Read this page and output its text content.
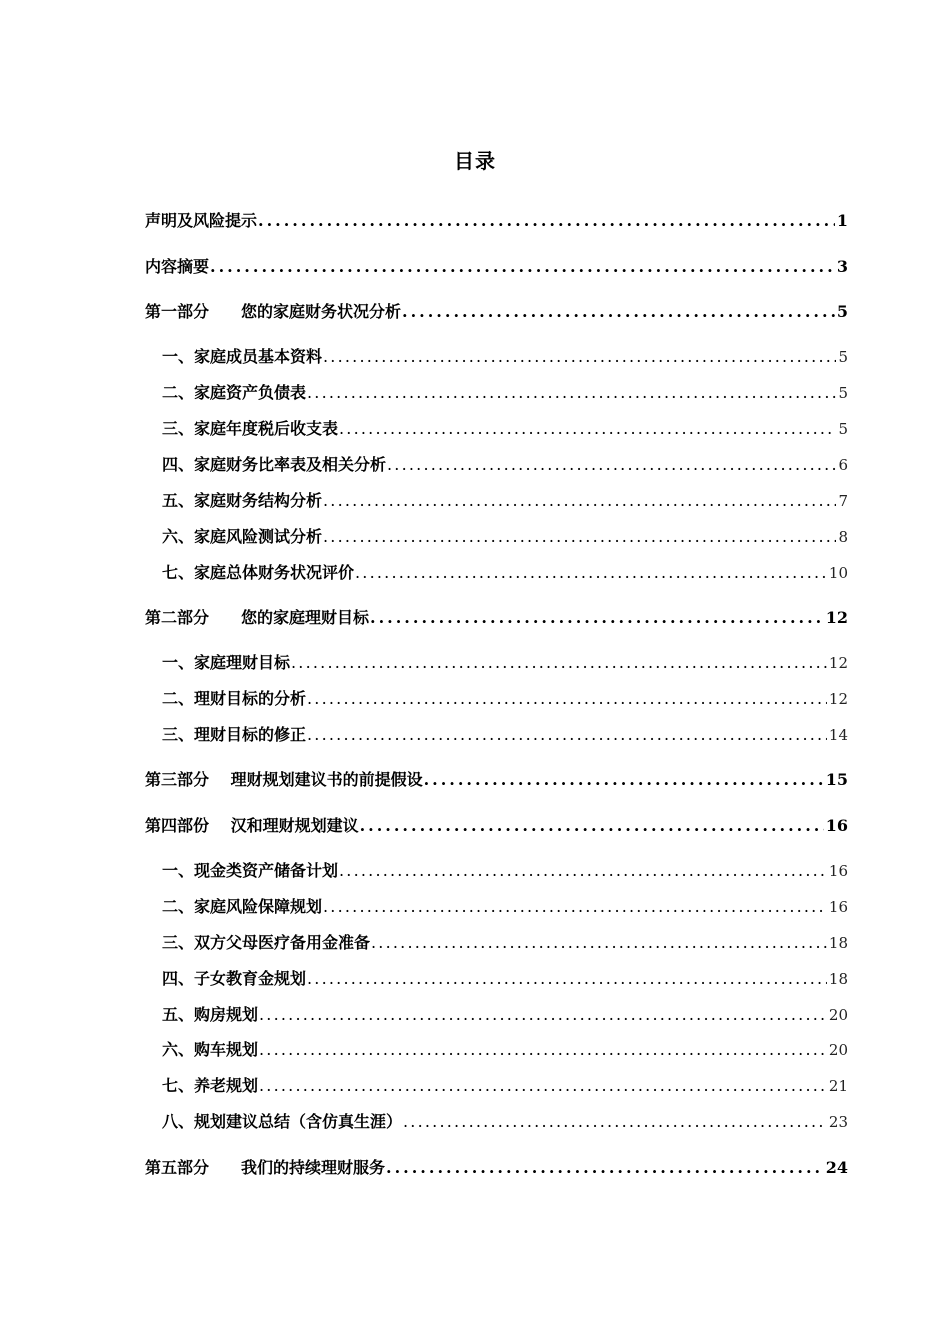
目录
声明及风险提示 .....	1
内容摘要 .....	3
第一部分　　您的家庭财务状况分析 .....	5
一、家庭成员基本资料 .....	5
二、家庭资产负债表 .....	5
三、家庭年度税后收支表 .....	5
四、家庭财务比率表及相关分析 .....	6
五、家庭财务结构分析 .....	7
六、家庭风险测试分析 .....	8
七、家庭总体财务状况评价 .....	10
第二部分　　您的家庭理财目标 .....	12
一、家庭理财目标 .....	12
二、理财目标的分析 .....	12
三、理财目标的修正 .....	14
第三部分　 理财规划建议书的前提假设 .....	15
第四部份　 汉和理财规划建议 .....	16
一、现金类资产储备计划 .....	16
二、家庭风险保障规划 .....	16
三、双方父母医疗备用金准备 .....	18
四、子女教育金规划 .....	18
五、购房规划 .....	20
六、购车规划 .....	20
七、养老规划 .....	21
八、规划建议总结（含仿真生涯） .....	23
第五部分　　我们的持续理财服务 .....	24
